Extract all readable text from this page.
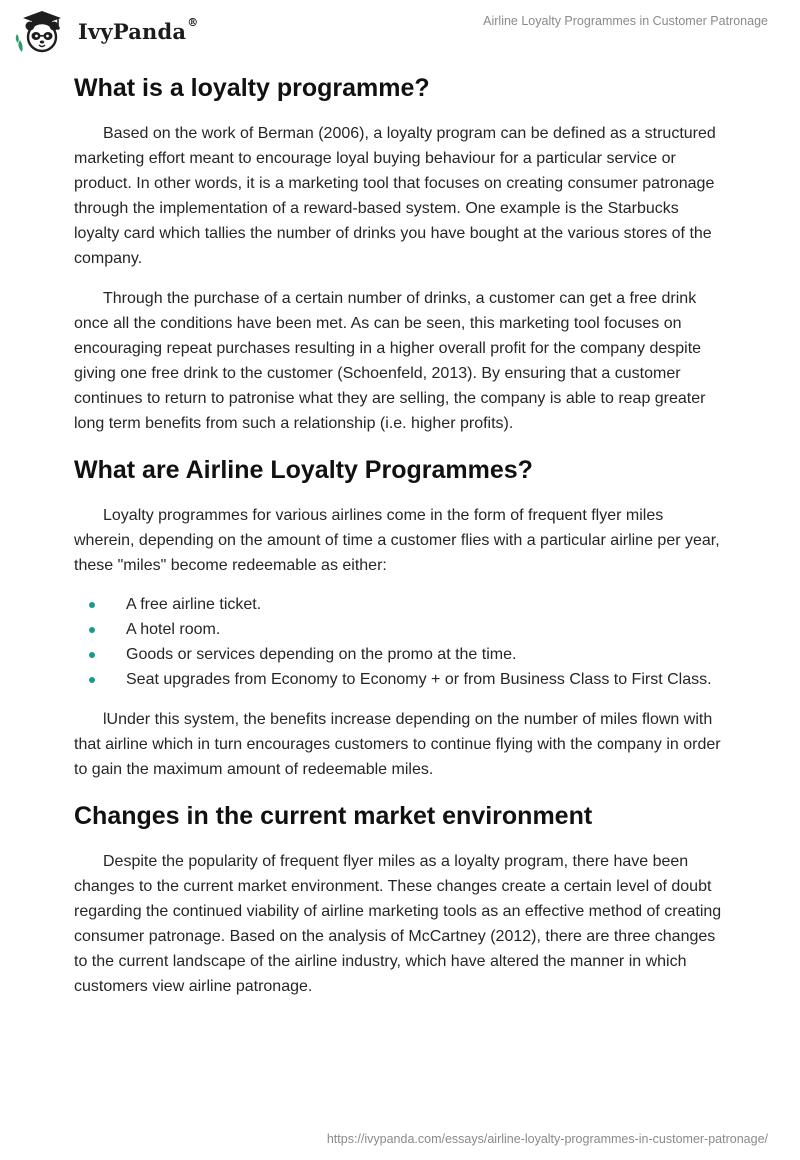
IvyPanda®	Airline Loyalty Programmes in Customer Patronage
What is a loyalty programme?

Based on the work of Berman (2006), a loyalty program can be defined as a structured marketing effort meant to encourage loyal buying behaviour for a particular service or product. In other words, it is a marketing tool that focuses on creating consumer patronage through the implementation of a reward-based system. One example is the Starbucks loyalty card which tallies the number of drinks you have bought at the various stores of the company.

Through the purchase of a certain number of drinks, a customer can get a free drink once all the conditions have been met. As can be seen, this marketing tool focuses on encouraging repeat purchases resulting in a higher overall profit for the company despite giving one free drink to the customer (Schoenfeld, 2013). By ensuring that a customer continues to return to patronise what they are selling, the company is able to reap greater long term benefits from such a relationship (i.e. higher profits).

What are Airline Loyalty Programmes?

Loyalty programmes for various airlines come in the form of frequent flyer miles wherein, depending on the amount of time a customer flies with a particular airline per year, these "miles" become redeemable as either:

A free airline ticket.
A hotel room.
Goods or services depending on the promo at the time.
Seat upgrades from Economy to Economy + or from Business Class to First Class.

lUnder this system, the benefits increase depending on the number of miles flown with that airline which in turn encourages customers to continue flying with the company in order to gain the maximum amount of redeemable miles.

Changes in the current market environment

Despite the popularity of frequent flyer miles as a loyalty program, there have been changes to the current market environment. These changes create a certain level of doubt regarding the continued viability of airline marketing tools as an effective method of creating consumer patronage. Based on the analysis of McCartney (2012), there are three changes to the current landscape of the airline industry, which have altered the manner in which customers view airline patronage.

https://ivypanda.com/essays/airline-loyalty-programmes-in-customer-patronage/
